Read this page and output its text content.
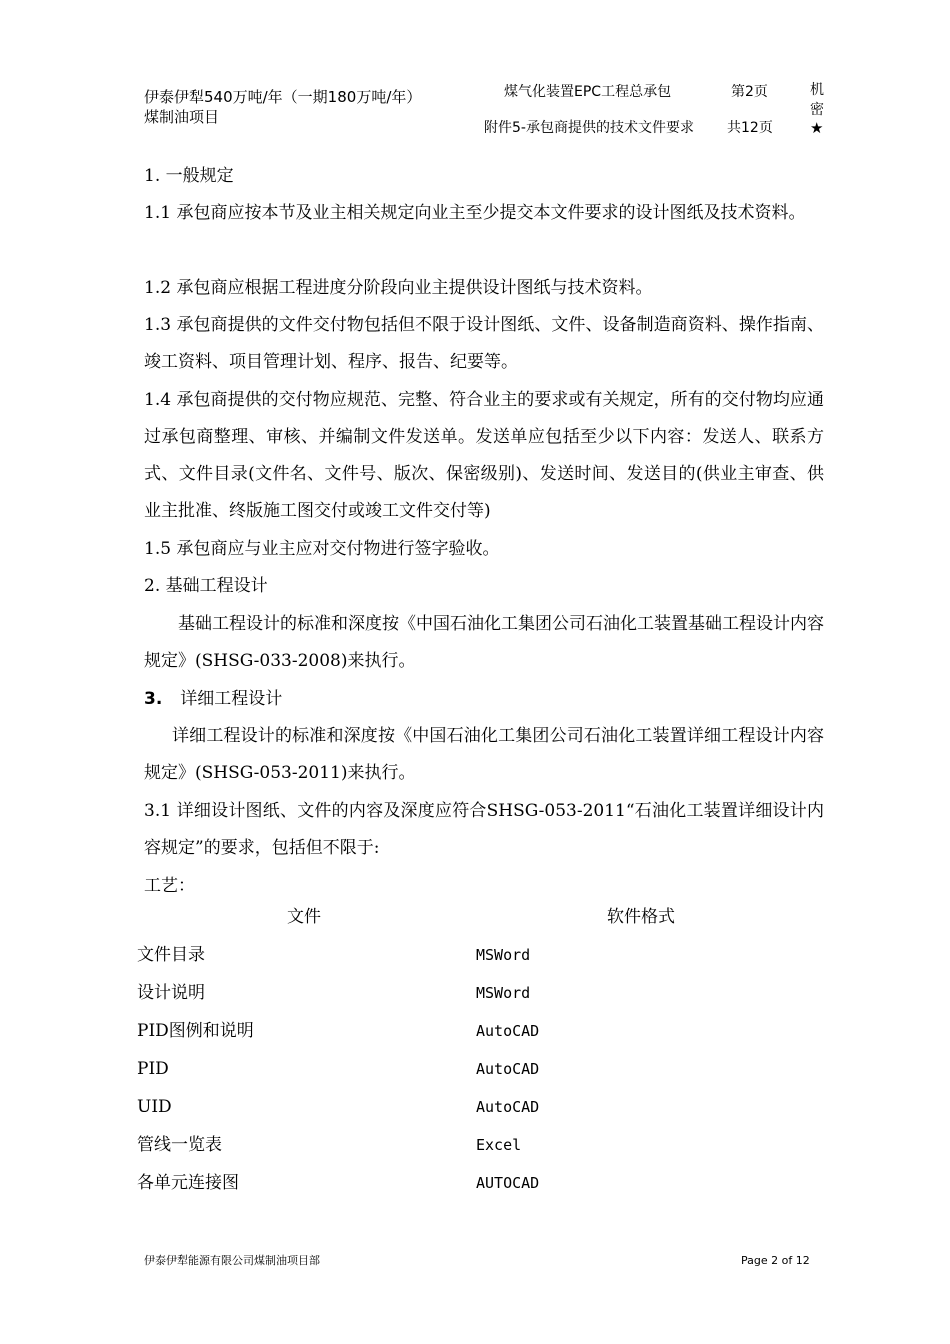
伊泰伊犁540万吨/年（一期180万吨/年）
煤制油项目
煤气化装置EPC工程总承包
附件5-承包商提供的技术文件要求
第2页
共12页
机
密
★
1. 一般规定
1.1 承包商应按本节及业主相关规定向业主至少提交本文件要求的设计图纸及技术资料。
1.2 承包商应根据工程进度分阶段向业主提供设计图纸与技术资料。
1.3 承包商提供的文件交付物包括但不限于设计图纸、文件、设备制造商资料、操作指南、竣工资料、项目管理计划、程序、报告、纪要等。
1.4 承包商提供的交付物应规范、完整、符合业主的要求或有关规定，所有的交付物均应通过承包商整理、审核、并编制文件发送单。发送单应包括至少以下内容：发送人、联系方式、文件目录(文件名、文件号、版次、保密级别)、发送时间、发送目的(供业主审查、供业主批准、终版施工图交付或竣工文件交付等)
1.5 承包商应与业主应对交付物进行签字验收。
2. 基础工程设计
基础工程设计的标准和深度按《中国石油化工集团公司石油化工装置基础工程设计内容规定》(SHSG-033-2008)来执行。
3. 详细工程设计
详细工程设计的标准和深度按《中国石油化工集团公司石油化工装置详细工程设计内容规定》(SHSG-053-2011)来执行。
3.1 详细设计图纸、文件的内容及深度应符合SHSG-053-2011“石油化工装置详细设计内容规定”的要求，包括但不限于:
工艺：
文件	软件格式
文件目录	MSWord
设计说明	MSWord
PID图例和说明	AutoCAD
PID	AutoCAD
UID	AutoCAD
管线一览表	Excel
各单元连接图	AUTOCAD
伊泰伊犁能源有限公司煤制油项目部	Page 2 of 12
